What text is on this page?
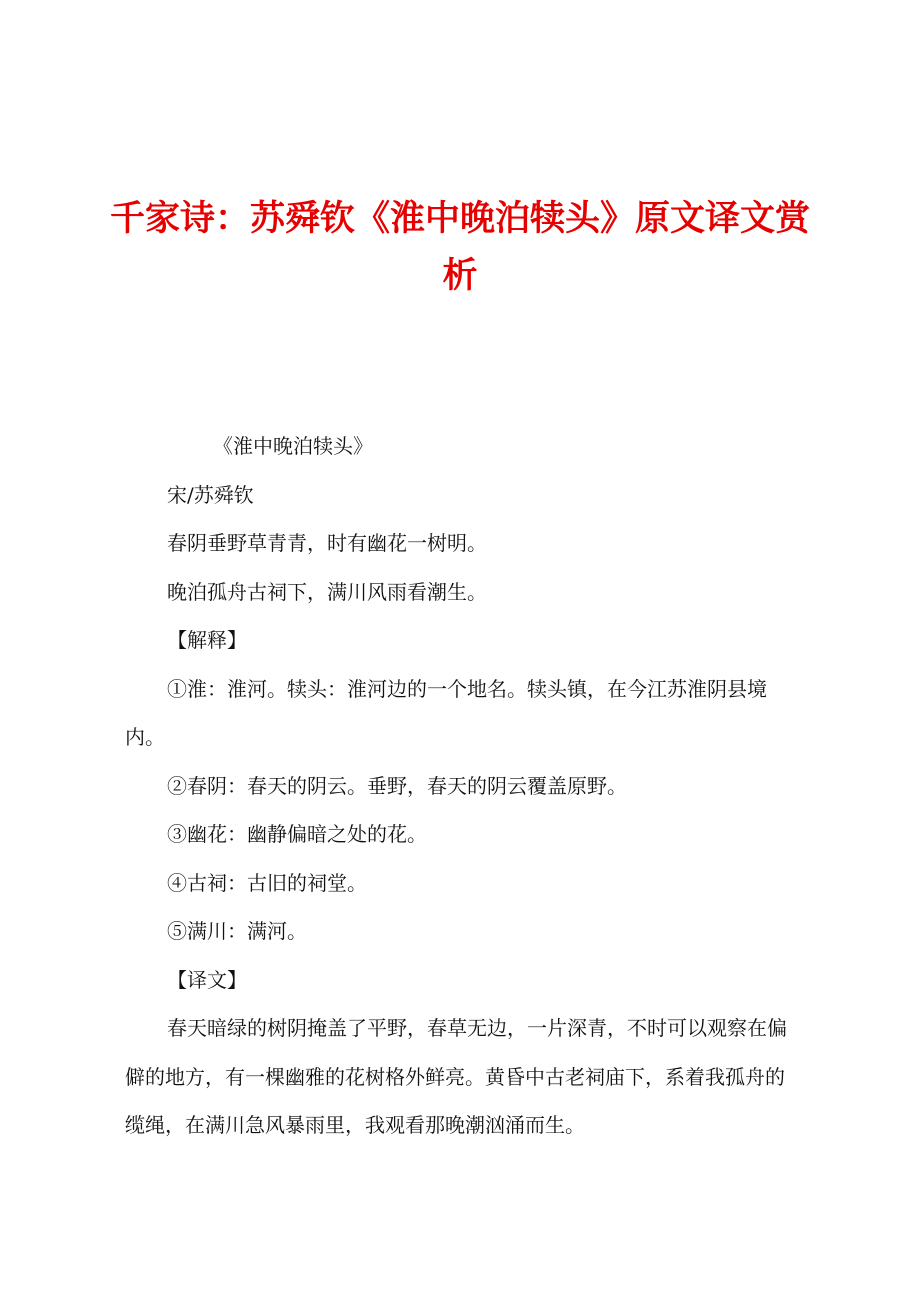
千家诗：苏舜钦《淮中晚泊犊头》原文译文赏析

《淮中晚泊犊头》

宋/苏舜钦

春阴垂野草青青，时有幽花一树明。

晚泊孤舟古祠下，满川风雨看潮生。

【解释】

①淮：淮河。犊头：淮河边的一个地名。犊头镇，在今江苏淮阴县境内。

②春阴：春天的阴云。垂野，春天的阴云覆盖原野。

③幽花：幽静偏暗之处的花。

④古祠：古旧的祠堂。

⑤满川：满河。

【译文】

春天暗绿的树阴掩盖了平野，春草无边，一片深青，不时可以观察在偏僻的地方，有一棵幽雅的花树格外鲜亮。黄昏中古老祠庙下，系着我孤舟的缆绳，在满川急风暴雨里，我观看那晚潮汹涌而生。
